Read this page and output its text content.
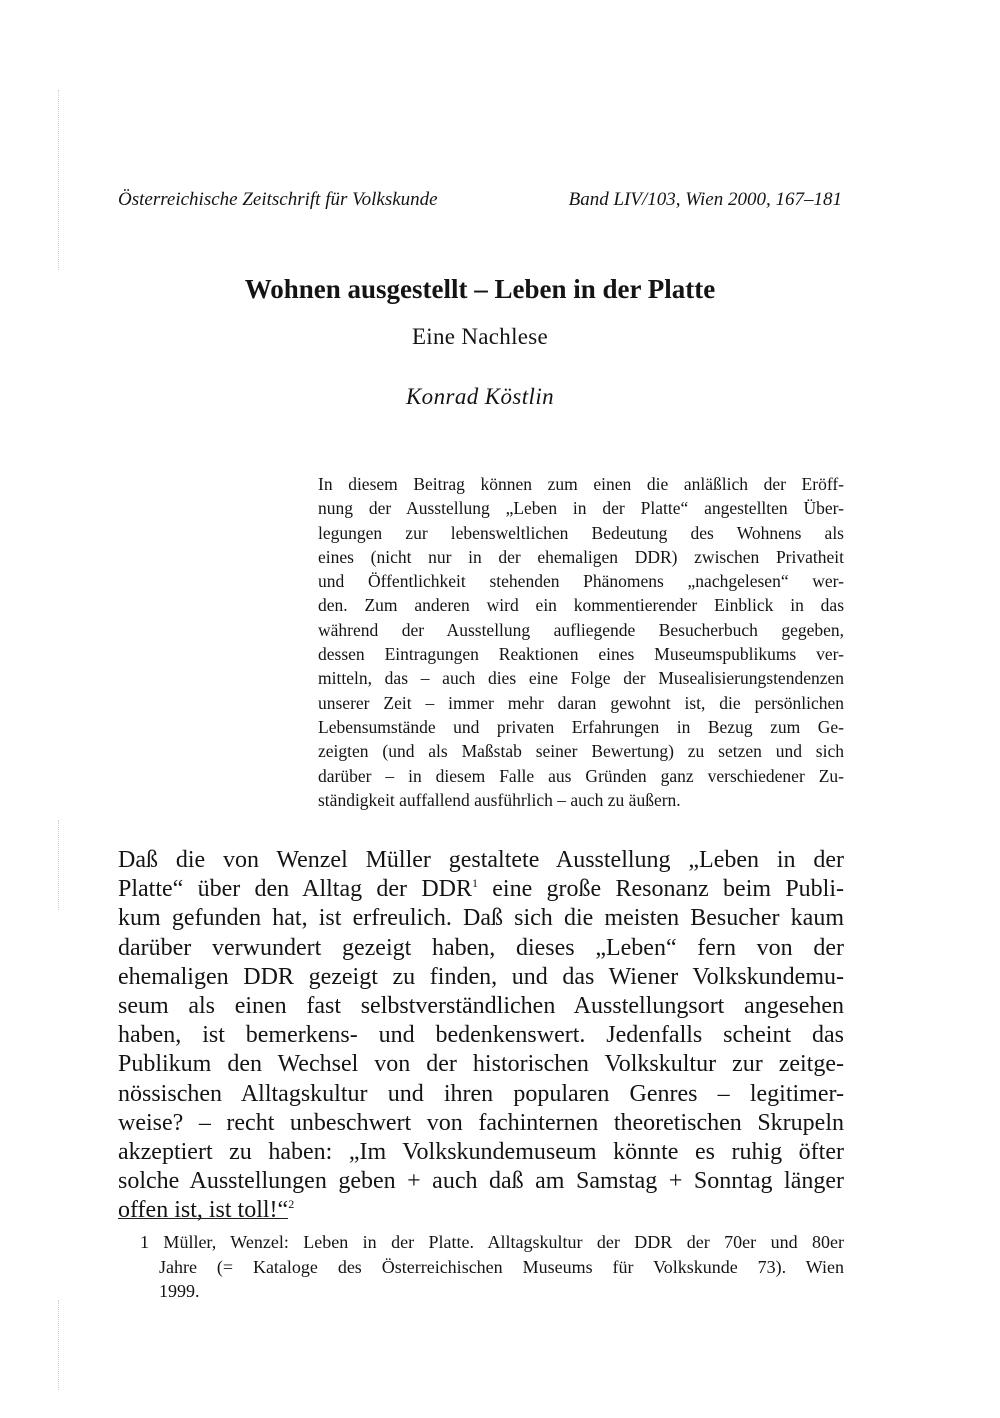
Österreichische Zeitschrift für Volkskunde	Band LIV/103, Wien 2000, 167–181
Wohnen ausgestellt – Leben in der Platte
Eine Nachlese
Konrad Köstlin
In diesem Beitrag können zum einen die anläßlich der Eröff-
nung der Ausstellung „Leben in der Platte“ angestellten Über-
legungen zur lebensweltlichen Bedeutung des Wohnens als
eines (nicht nur in der ehemaligen DDR) zwischen Privatheit
und Öffentlichkeit stehenden Phänomens „nachgelesen“ wer-
den. Zum anderen wird ein kommentierender Einblick in das
während der Ausstellung aufliegende Besucherbuch gegeben,
dessen Eintragungen Reaktionen eines Museumspublikums ver-
mitteln, das – auch dies eine Folge der Musealisierungstendenzen
unserer Zeit – immer mehr daran gewohnt ist, die persönlichen
Lebensumstände und privaten Erfahrungen in Bezug zum Ge-
zeigten (und als Maßstab seiner Bewertung) zu setzen und sich
darüber – in diesem Falle aus Gründen ganz verschiedener Zu-
ständigkeit auffallend ausführlich – auch zu äußern.
Daß die von Wenzel Müller gestaltete Ausstellung „Leben in der
Platte“ über den Alltag der DDR$^1$ eine große Resonanz beim Publi-
kum gefunden hat, ist erfreulich. Daß sich die meisten Besucher kaum
darüber verwundert gezeigt haben, dieses „Leben“ fern von der
ehemaligen DDR gezeigt zu finden, und das Wiener Volkskundemu-
seum als einen fast selbstverständlichen Ausstellungsort angesehen
haben, ist bemerkens- und bedenkenswert. Jedenfalls scheint das
Publikum den Wechsel von der historischen Volkskultur zur zeitge-
nössischen Alltagskultur und ihren popularen Genres – legitimer-
weise? – recht unbeschwert von fachinternen theoretischen Skrupeln
akzeptiert zu haben: „Im Volkskundemuseum könnte es ruhig öfter
solche Ausstellungen geben + auch daß am Samstag + Sonntag länger
offen ist, ist toll!“$^2$
1 Müller, Wenzel: Leben in der Platte. Alltagskultur der DDR der 70er und 80er
Jahre (= Kataloge des Österreichischen Museums für Volkskunde 73). Wien
1999.
